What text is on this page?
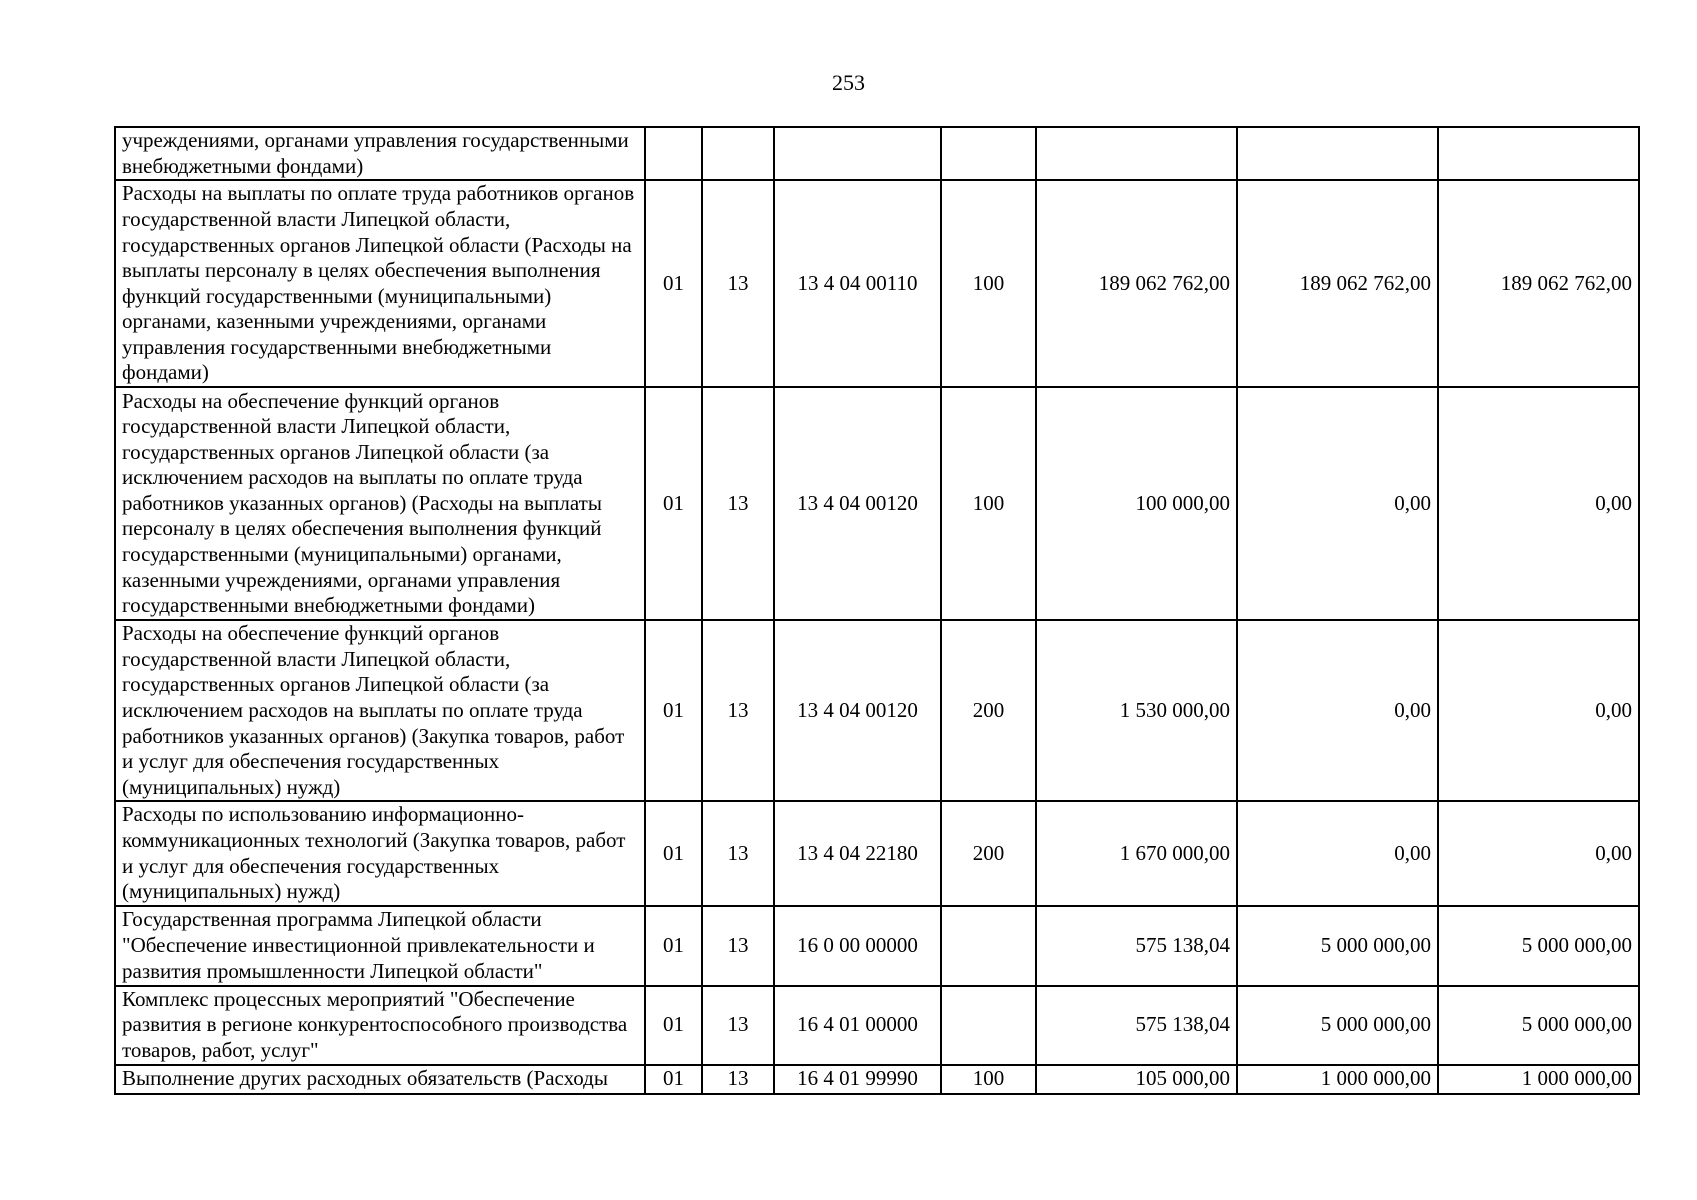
253
учреждениями, органами управления государственными внебюджетными фондами)							
Расходы на выплаты по оплате труда работников органов государственной власти Липецкой области, государственных органов Липецкой области (Расходы на выплаты персоналу в целях обеспечения выполнения функций государственными (муниципальными) органами, казенными учреждениями, органами управления государственными внебюджетными фондами)	01	13	13 4 04 00110	100	189 062 762,00	189 062 762,00	189 062 762,00
Расходы на обеспечение функций органов государственной власти Липецкой области, государственных органов Липецкой области (за исключением расходов на выплаты по оплате труда работников указанных органов) (Расходы на выплаты персоналу в целях обеспечения выполнения функций государственными (муниципальными) органами, казенными учреждениями, органами управления государственными внебюджетными фондами)	01	13	13 4 04 00120	100	100 000,00	0,00	0,00
Расходы на обеспечение функций органов государственной власти Липецкой области, государственных органов Липецкой области (за исключением расходов на выплаты по оплате труда работников указанных органов) (Закупка товаров, работ и услуг для обеспечения государственных (муниципальных) нужд)	01	13	13 4 04 00120	200	1 530 000,00	0,00	0,00
Расходы по использованию информационно-коммуникационных технологий (Закупка товаров, работ и услуг для обеспечения государственных (муниципальных) нужд)	01	13	13 4 04 22180	200	1 670 000,00	0,00	0,00
Государственная программа Липецкой области "Обеспечение инвестиционной привлекательности и развития промышленности Липецкой области"	01	13	16 0 00 00000		575 138,04	5 000 000,00	5 000 000,00
Комплекс процессных мероприятий "Обеспечение развития в регионе конкурентоспособного производства товаров, работ, услуг"	01	13	16 4 01 00000		575 138,04	5 000 000,00	5 000 000,00
Выполнение других расходных обязательств (Расходы	01	13	16 4 01 99990	100	105 000,00	1 000 000,00	1 000 000,00
